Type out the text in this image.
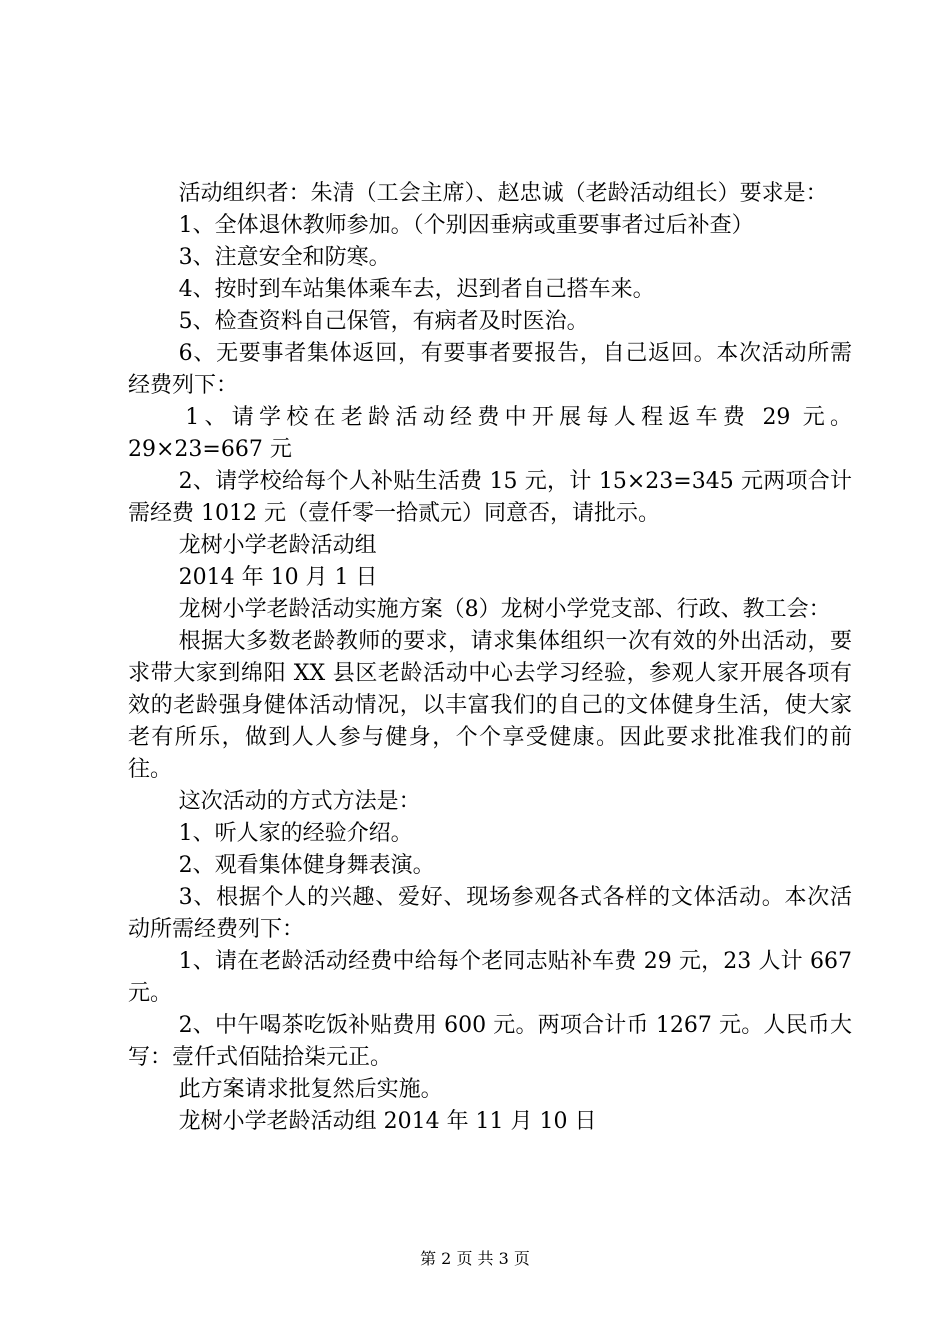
活动组织者：朱清（工会主席）、赵忠诚（老龄活动组长）要求是：

1、全体退休教师参加。（个别因垂病或重要事者过后补查）

3、注意安全和防寒。

4、按时到车站集体乘车去，迟到者自己搭车来。

5、检查资料自己保管，有病者及时医治。

6、无要事者集体返回，有要事者要报告，自己返回。本次活动所需经费列下：

1、请学校在老龄活动经费中开展每人程返车费 29 元。29×23=667 元

2、请学校给每个人补贴生活费 15 元，计 15×23=345 元两项合计需经费 1012 元（壹仟零一拾贰元）同意否，请批示。

龙树小学老龄活动组

2014 年 10 月 1 日

龙树小学老龄活动实施方案（8）龙树小学党支部、行政、教工会：

根据大多数老龄教师的要求，请求集体组织一次有效的外出活动，要求带大家到绵阳 XX 县区老龄活动中心去学习经验，参观人家开展各项有效的老龄强身健体活动情况，以丰富我们的自己的文体健身生活，使大家老有所乐，做到人人参与健身，个个享受健康。因此要求批准我们的前往。

这次活动的方式方法是：

1、听人家的经验介绍。

2、观看集体健身舞表演。

3、根据个人的兴趣、爱好、现场参观各式各样的文体活动。本次活动所需经费列下：

1、请在老龄活动经费中给每个老同志贴补车费 29 元，23 人计 667 元。

2、中午喝茶吃饭补贴费用 600 元。两项合计币 1267 元。人民币大写：壹仟式佰陆拾柒元正。

此方案请求批复然后实施。

龙树小学老龄活动组 2014 年 11 月 10 日

第 2 页 共 3 页
